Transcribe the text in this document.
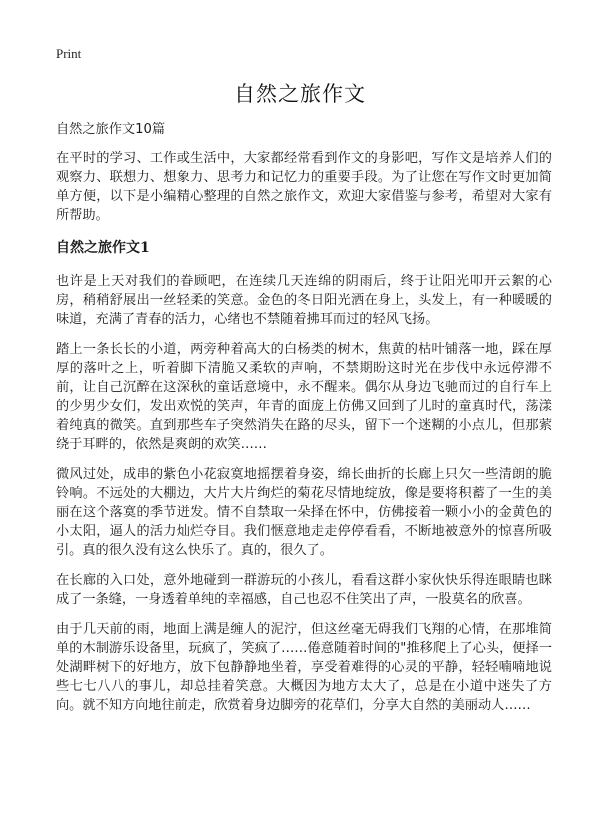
Print
自然之旅作文

自然之旅作文10篇

在平时的学习、工作或生活中，大家都经常看到作文的身影吧，写作文是培养人们的观察力、联想力、想象力、思考力和记忆力的重要手段。为了让您在写作文时更加简单方便，以下是小编精心整理的自然之旅作文，欢迎大家借鉴与参考，希望对大家有所帮助。

自然之旅作文1

也许是上天对我们的眷顾吧，在连续几天连绵的阴雨后，终于让阳光叩开云絮的心房，稍稍舒展出一丝轻柔的笑意。金色的冬日阳光洒在身上，头发上，有一种暖暖的味道，充满了青春的活力，心绪也不禁随着拂耳而过的轻风飞扬。

踏上一条长长的小道，两旁种着高大的白杨类的树木，焦黄的枯叶铺落一地，踩在厚厚的落叶之上，听着脚下清脆又柔软的声响，不禁期盼这时光在步伐中永远停滞不前，让自己沉醉在这深秋的童话意境中，永不醒来。偶尔从身边飞驰而过的自行车上的少男少女们，发出欢悦的笑声，年青的面庞上仿佛又回到了儿时的童真时代，荡漾着纯真的微笑。直到那些车子突然消失在路的尽头，留下一个迷糊的小点儿，但那萦绕于耳畔的，依然是爽朗的欢笑……

微风过处，成串的紫色小花寂寞地摇摆着身姿，绵长曲折的长廊上只欠一些清朗的脆铃响。不远处的大棚边，大片大片绚烂的菊花尽情地绽放，像是要将积蓄了一生的美丽在这个落寞的季节迸发。情不自禁取一朵择在怀中，仿佛接着一颗小小的金黄色的小太阳，逼人的活力灿烂夺目。我们惬意地走走停停看看，不断地被意外的惊喜所吸引。真的很久没有这么快乐了。真的，很久了。

在长廊的入口处，意外地碰到一群游玩的小孩儿，看看这群小家伙快乐得连眼睛也眯成了一条缝，一身透着单纯的幸福感，自己也忍不住笑出了声，一股莫名的欣喜。

由于几天前的雨，地面上满是缠人的泥泞，但这丝毫无碍我们飞翔的心情，在那堆简单的木制游乐设备里，玩疯了，笑疯了……倦意随着时间的"推移爬上了心头，便择一处湖畔树下的好地方，放下包静静地坐着，享受着难得的心灵的平静，轻轻喃喃地说些七七八八的事儿，却总挂着笑意。大概因为地方太大了，总是在小道中迷失了方向。就不知方向地往前走，欣赏着身边脚旁的花草们，分享大自然的美丽动人……
